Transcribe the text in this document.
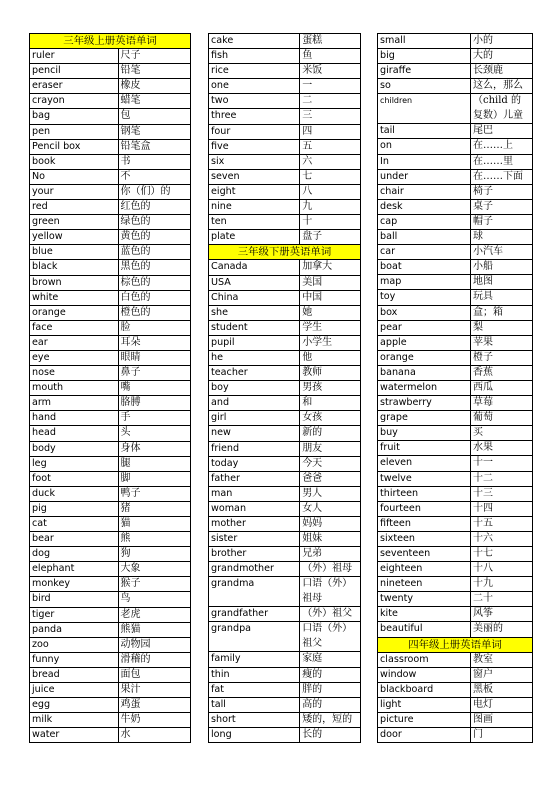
三年级上册英语单词	
ruler	尺子
pencil	铅笔
eraser	橡皮
crayon	蜡笔
bag	包
pen	钢笔
Pencil box	铅笔盒
book	书
No	不
your	你（们）的
red	红色的
green	绿色的
yellow	黄色的
blue	蓝色的
black	黑色的
brown	棕色的
white	白色的
orange	橙色的
face	脸
ear	耳朵
eye	眼睛
nose	鼻子
mouth	嘴
arm	胳膊
hand	手
head	头
body	身体
leg	腿
foot	脚
duck	鸭子
pig	猪
cat	猫
bear	熊
dog	狗
elephant	大象
monkey	猴子
bird	鸟
tiger	老虎
panda	熊猫
zoo	动物园
funny	滑稽的
bread	面包
juice	果汁
egg	鸡蛋
milk	牛奶
water	水
cake	蛋糕
fish	鱼
rice	米饭
one	一
two	二
three	三
four	四
five	五
six	六
seven	七
eight	八
nine	九
ten	十
plate	盘子
三年级下册英语单词	
Canada	加拿大
USA	美国
China	中国
she	她
student	学生
pupil	小学生
he	他
teacher	教师
boy	男孩
and	和
girl	女孩
new	新的
friend	朋友
today	今天
father	爸爸
man	男人
woman	女人
mother	妈妈
sister	姐妹
brother	兄弟
grandmother	（外）祖母
grandma	口语（外）祖母
grandfather	（外）祖父
grandpa	口语（外）祖父
family	家庭
thin	瘦的
fat	胖的
tall	高的
short	矮的，短的
long	长的
small	小的
big	大的
giraffe	长颈鹿
so	这么，那么
children	（child 的复数）儿童
tail	尾巴
on	在……上
In	在……里
under	在……下面
chair	椅子
desk	桌子
cap	帽子
ball	球
car	小汽车
boat	小船
map	地图
toy	玩具
box	盒；箱
pear	梨
apple	苹果
orange	橙子
banana	香蕉
watermelon	西瓜
strawberry	草莓
grape	葡萄
buy	买
fruit	水果
eleven	十一
twelve	十二
thirteen	十三
fourteen	十四
fifteen	十五
sixteen	十六
seventeen	十七
eighteen	十八
nineteen	十九
twenty	二十
kite	风筝
beautiful	美丽的
四年级上册英语单词	
classroom	教室
window	窗户
blackboard	黑板
light	电灯
picture	图画
door	门
